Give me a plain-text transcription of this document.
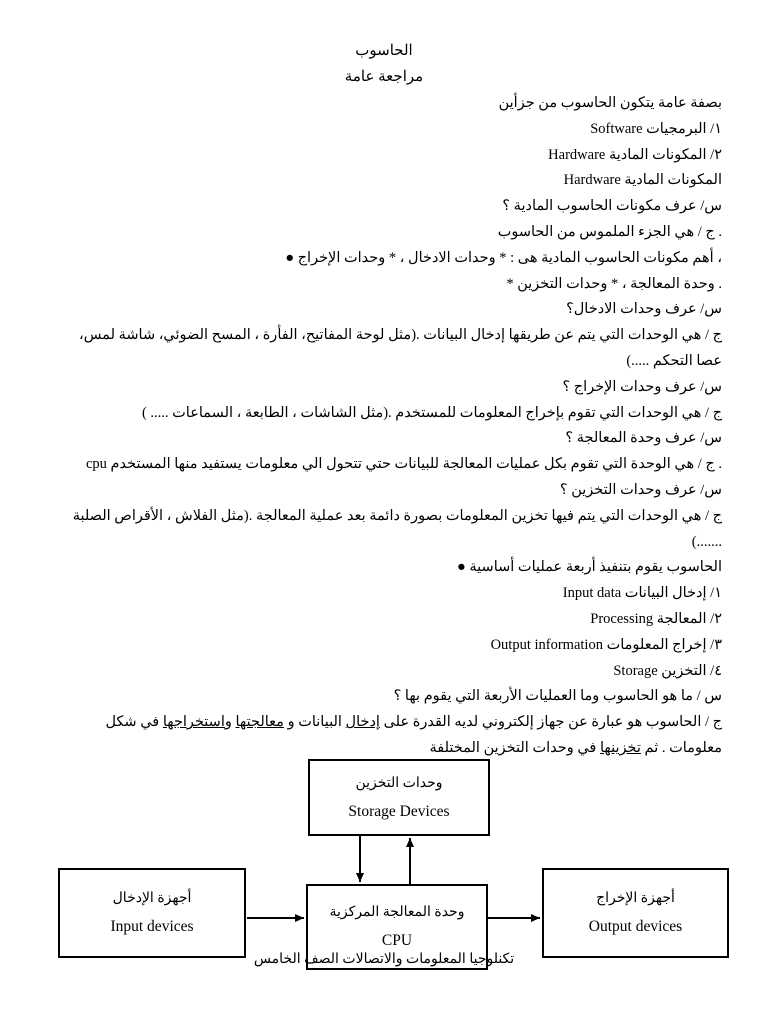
الحاسوب
مراجعة عامة

بصفة عامة يتكون الحاسوب من جزأين

١/ البرمجيات Software

٢/ المكونات المادية Hardware

المكونات المادية Hardware

س/ عرف مكونات الحاسوب المادية ؟

. ج / هي الجزء الملموس من الحاسوب

، أهم مكونات الحاسوب المادية هى : * وحدات الادخال ، * وحدات الإخراج ●

. وحدة المعالجة ، * وحدات التخزين *

س/ عرف وحدات الادخال؟

ج / هي الوحدات التي يتم عن طريقها إدخال البيانات .(مثل لوحة المفاتيح، الفأرة ، المسح الضوئي، شاشة لمس، عصا التحكم .....)

س/ عرف وحدات الإخراج ؟

ج / هي الوحدات التي تقوم بإخراج المعلومات للمستخدم .(مثل الشاشات ، الطابعة ، السماعات ..... )

س/ عرف وحدة المعالجة ؟

. ج / هي الوحدة التي تقوم بكل عمليات المعالجة للبيانات حتي تتحول الي معلومات يستفيد منها المستخدم cpu

س/ عرف وحدات التخزين ؟

ج / هي الوحدات التي يتم فيها تخزين المعلومات بصورة دائمة بعد عملية المعالجة .(مثل الفلاش ، الأقراص الصلبة .......)

الحاسوب يقوم بتنفيذ أربعة عمليات أساسية ●

١/ إدخال البيانات Input data

٢/ المعالجة Processing

٣/ إخراج المعلومات Output information

٤/ التخزين Storage

س / ما هو الحاسوب وما العمليات الأربعة التي يقوم بها ؟

ج / الحاسوب هو عبارة عن جهاز إلكتروني لديه القدرة على إدخال البيانات و معالجتها واستخراجها في شكل معلومات . ثم تخزينها في وحدات التخزين المختلفة

وحدات التخزين
Storage Devices
أجهزة الإدخال
Input devices
وحدة المعالجة المركزية
CPU
أجهزة الإخراج
Output devices
تكنلوجيا المعلومات والاتصالات الصف الخامس
